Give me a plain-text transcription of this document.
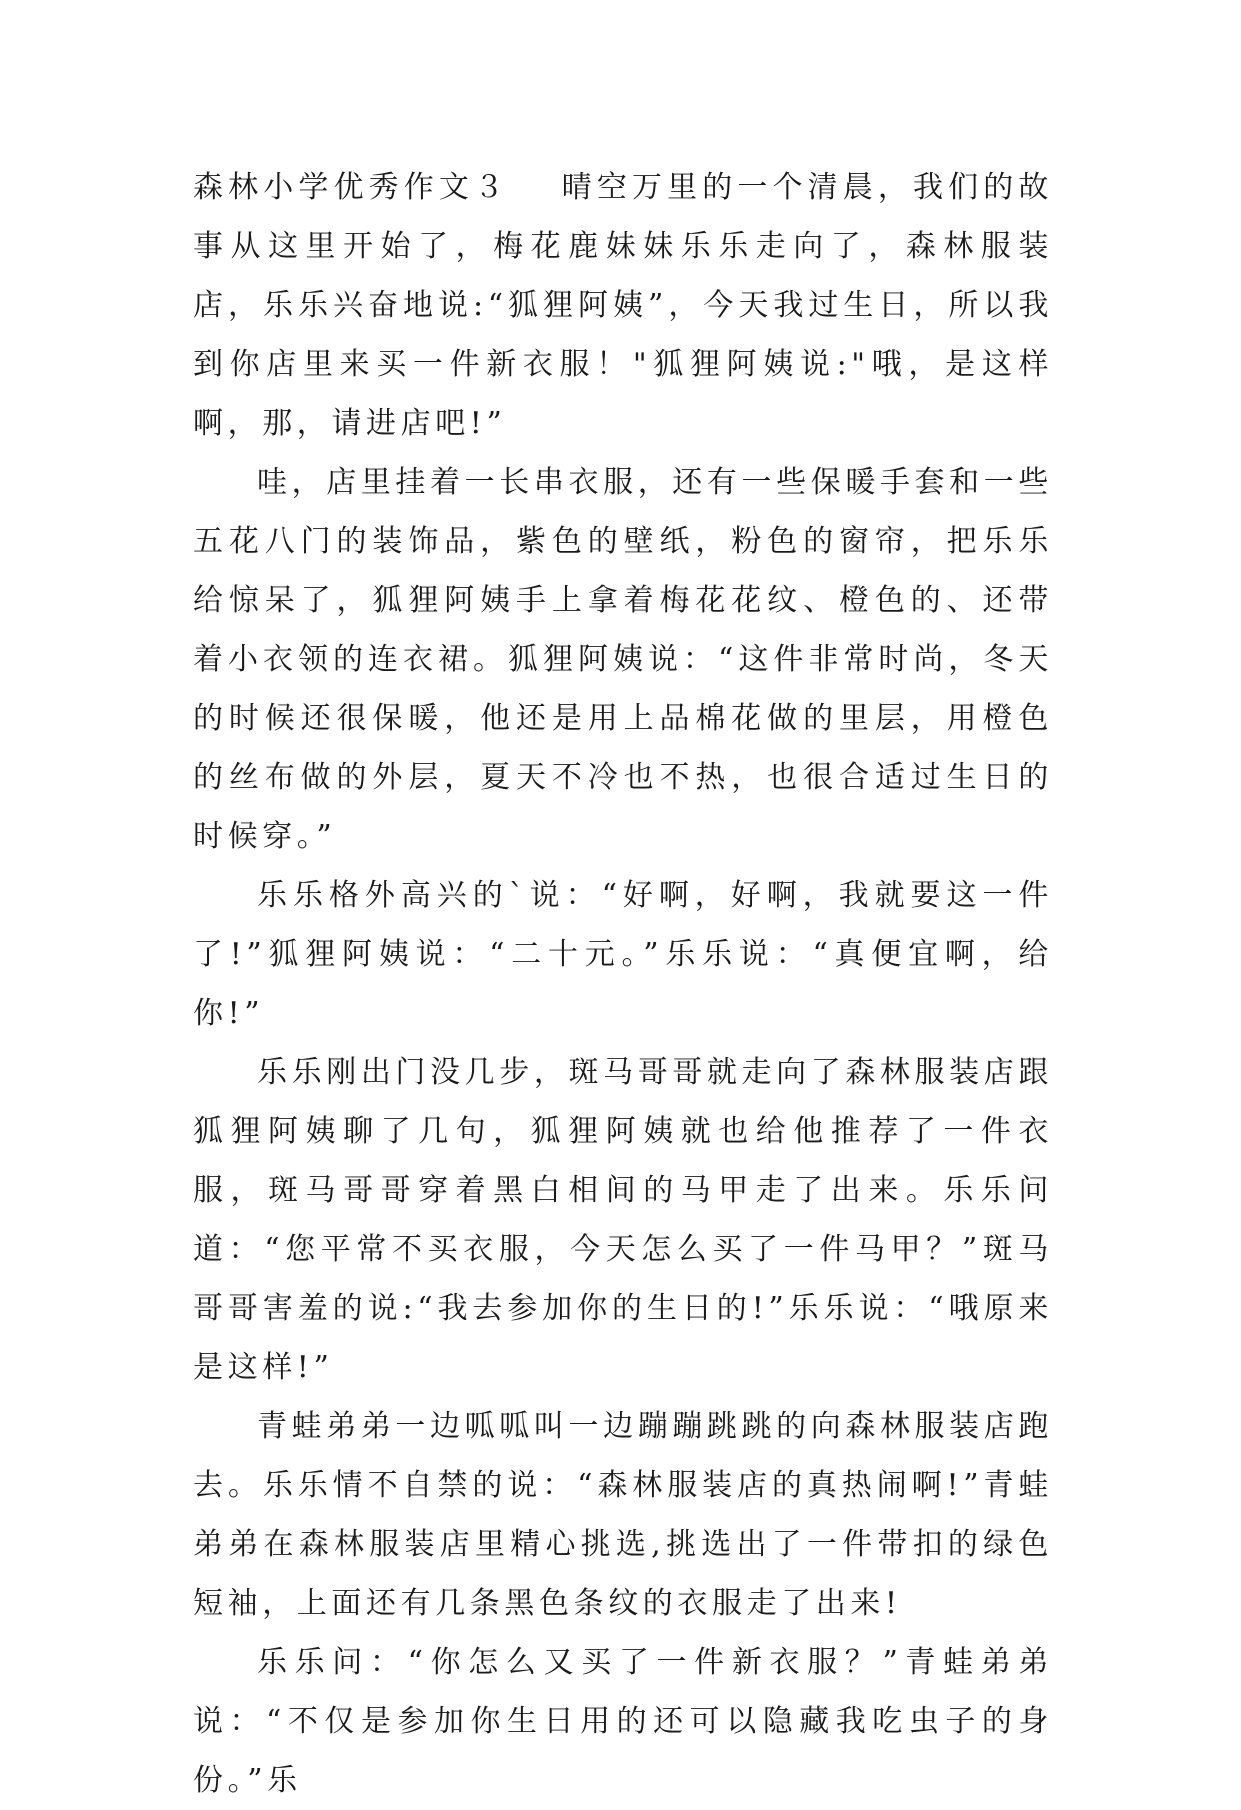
森林小学优秀作文３ 晴空万里的一个清晨，我们的故事从这里开始了，梅花鹿妹妹乐乐走向了，森林服装店，乐乐兴奋地说:“狐狸阿姨”，今天我过生日，所以我到你店里来买一件新衣服！"狐狸阿姨说:"哦，是这样啊，那，请进店吧!”

哇，店里挂着一长串衣服，还有一些保暖手套和一些五花八门的装饰品，紫色的壁纸，粉色的窗帘，把乐乐给惊呆了，狐狸阿姨手上拿着梅花花纹、橙色的、还带着小衣领的连衣裙。狐狸阿姨说：“这件非常时尚，冬天的时候还很保暖，他还是用上品棉花做的里层，用橙色的丝布做的外层，夏天不冷也不热，也很合适过生日的时候穿。”

乐乐格外高兴的`说：“好啊，好啊，我就要这一件了!”狐狸阿姨说：“二十元。”乐乐说：“真便宜啊，给你!”

乐乐刚出门没几步，斑马哥哥就走向了森林服装店跟狐狸阿姨聊了几句，狐狸阿姨就也给他推荐了一件衣服，斑马哥哥穿着黑白相间的马甲走了出来。乐乐问道：“您平常不买衣服，今天怎么买了一件马甲？”斑马哥哥害羞的说:“我去参加你的生日的!”乐乐说：“哦原来是这样!”

青蛙弟弟一边呱呱叫一边蹦蹦跳跳的向森林服装店跑去。乐乐情不自禁的说：“森林服装店的真热闹啊!”青蛙弟弟在森林服装店里精心挑选,挑选出了一件带扣的绿色短袖，上面还有几条黑色条纹的衣服走了出来!

乐乐问：“你怎么又买了一件新衣服？”青蛙弟弟说：“不仅是参加你生日用的还可以隐藏我吃虫子的身份。”乐
